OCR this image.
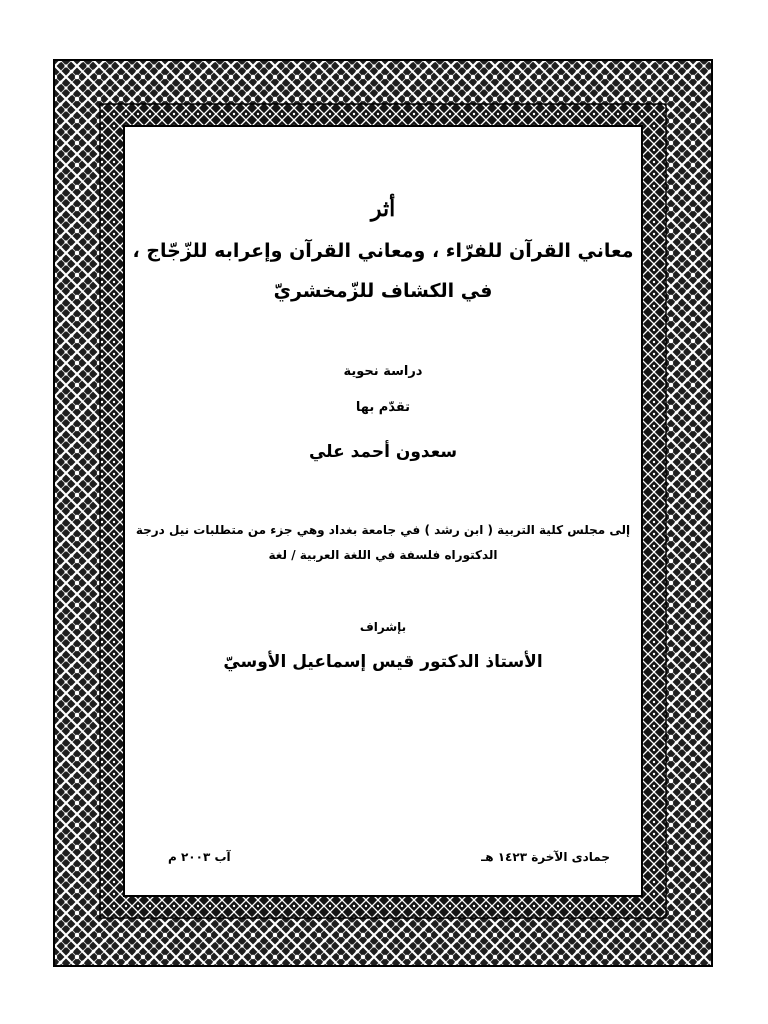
أثر
معاني القرآن للفرّاء ، ومعاني القرآن وإعرابه للزّجّاج ،
في الكشاف للزّمخشريّ
دراسة نحوية
تقدّم بها
سعدون أحمد علي
إلى مجلس كلية التربية ( ابن رشد ) في جامعة بغداد وهي جزء من متطلبات نيل درجة الدكتوراه فلسفة في اللغة العربية / لغة
بإشراف
الأستاذ الدكتور قيس إسماعيل الأوسيّ
جمادى الآخرة ١٤٢٣ هـ
آب ٢٠٠٣ م
